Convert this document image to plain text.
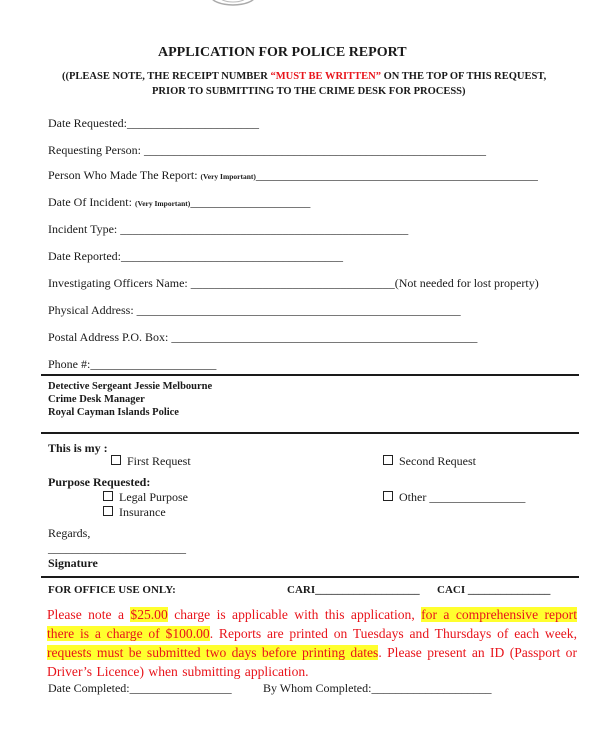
APPLICATION FOR POLICE REPORT
((PLEASE NOTE, THE RECEIPT NUMBER “MUST BE WRITTEN” ON THE TOP OF THIS REQUEST,
PRIOR TO SUBMITTING TO THE CRIME DESK FOR PROCESS)
Date Requested:______________________
Requesting Person: _________________________________________________________
Person Who Made The Report: (Very Important)_______________________________________________
Date Of Incident: (Very Important)____________________
Incident Type: ________________________________________________
Date Reported:_____________________________________
Investigating Officers Name: __________________________________(Not needed for lost property)
Physical Address: ______________________________________________________
Postal Address P.O. Box: ___________________________________________________
Phone #:_____________________
Detective Sergeant Jessie Melbourne
Crime Desk Manager
Royal Cayman Islands Police
This is my :
First Request	Second Request
Purpose Requested:
Legal Purpose
Insurance
Other ________________
Regards,
_______________________
Signature
FOR OFFICE USE ONLY:	CARI___________________ CACI _______________
Please note a $25.00 charge is applicable with this application, for a comprehensive report there is a charge of $100.00. Reports are printed on Tuesdays and Thursdays of each week, requests must be submitted two days before printing dates. Please present an ID (Passport or Driver’s Licence) when submitting application.
Date Completed:_________________	By Whom Completed:____________________
